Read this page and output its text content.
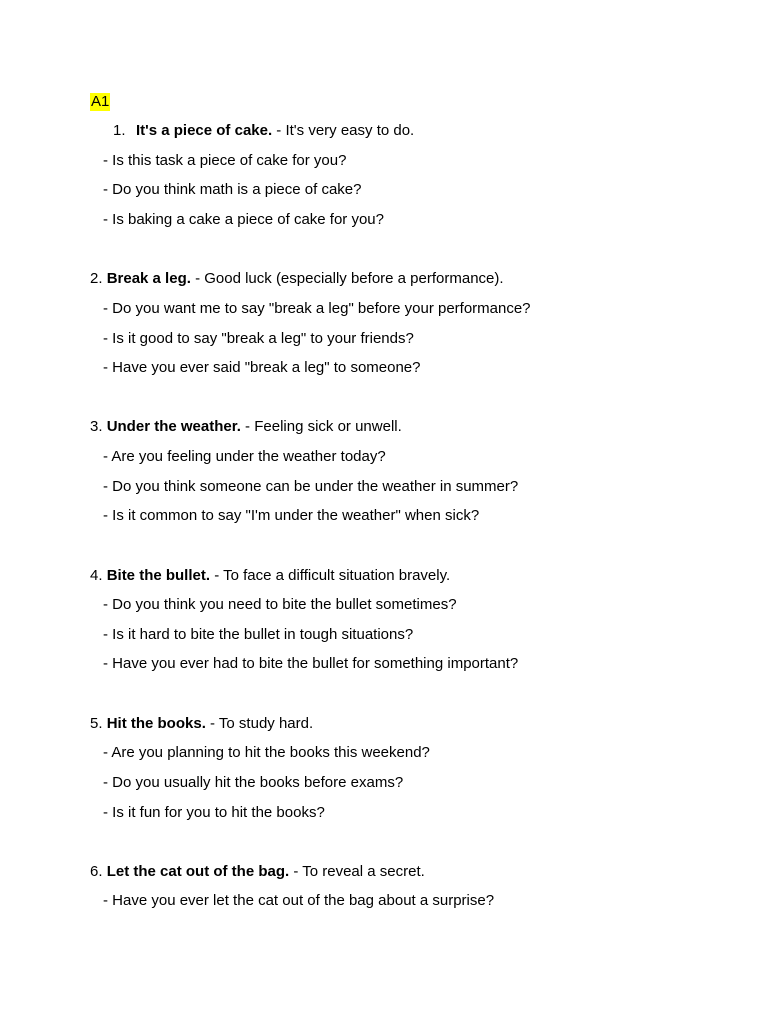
A1
1. It's a piece of cake. - It's very easy to do.
- Is this task a piece of cake for you?
- Do you think math is a piece of cake?
- Is baking a cake a piece of cake for you?
2. Break a leg. - Good luck (especially before a performance).
- Do you want me to say "break a leg" before your performance?
- Is it good to say "break a leg" to your friends?
- Have you ever said "break a leg" to someone?
3. Under the weather. - Feeling sick or unwell.
- Are you feeling under the weather today?
- Do you think someone can be under the weather in summer?
- Is it common to say "I'm under the weather" when sick?
4. Bite the bullet. - To face a difficult situation bravely.
- Do you think you need to bite the bullet sometimes?
- Is it hard to bite the bullet in tough situations?
- Have you ever had to bite the bullet for something important?
5. Hit the books. - To study hard.
- Are you planning to hit the books this weekend?
- Do you usually hit the books before exams?
- Is it fun for you to hit the books?
6. Let the cat out of the bag. - To reveal a secret.
- Have you ever let the cat out of the bag about a surprise?
